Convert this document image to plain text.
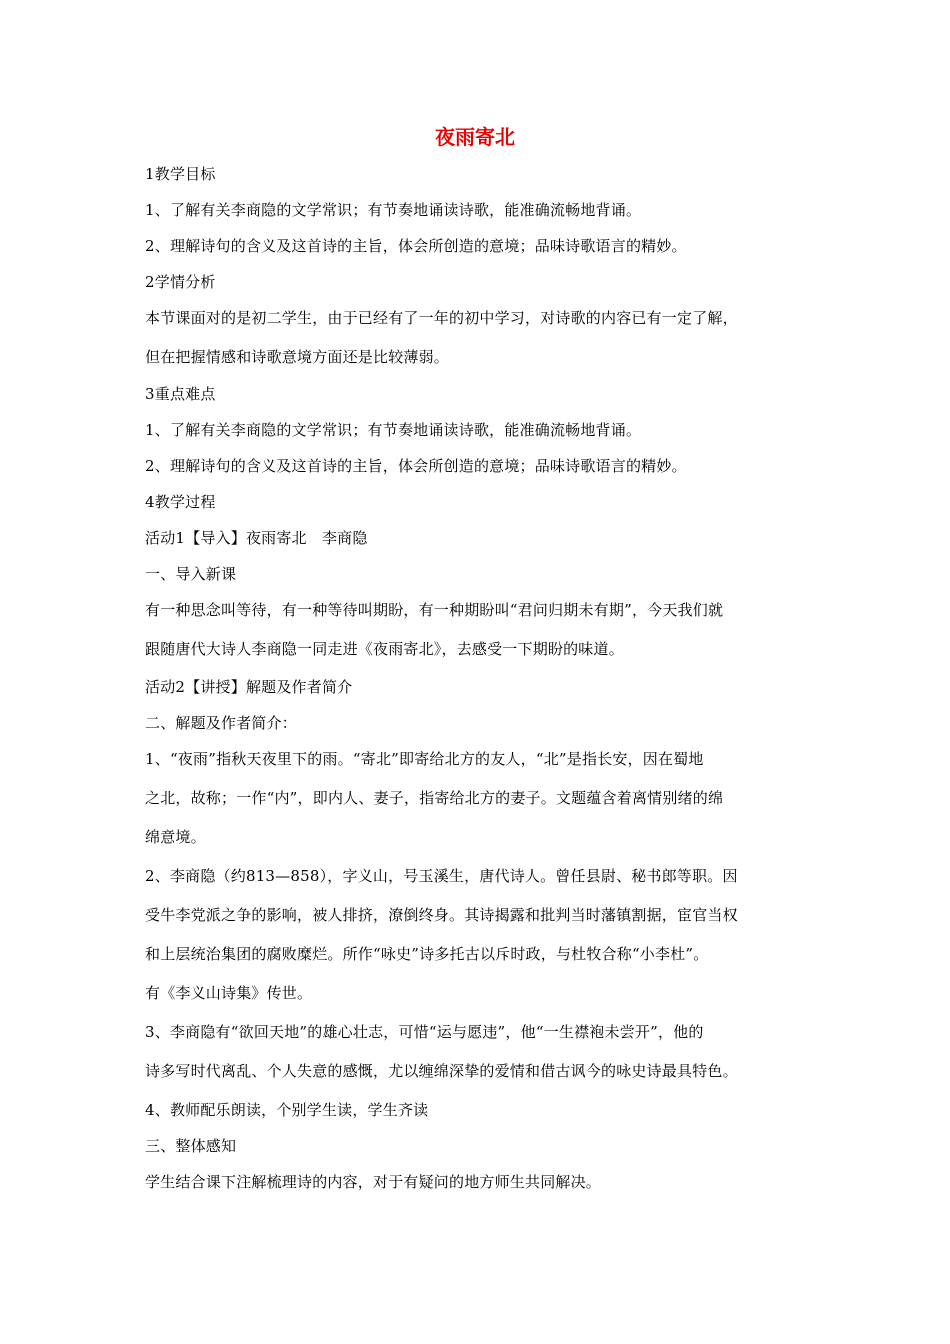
夜雨寄北
1教学目标
1、了解有关李商隐的文学常识；有节奏地诵读诗歌，能准确流畅地背诵。
2、理解诗句的含义及这首诗的主旨，体会所创造的意境；品味诗歌语言的精妙。
2学情分析
本节课面对的是初二学生，由于已经有了一年的初中学习，对诗歌的内容已有一定了解，
但在把握情感和诗歌意境方面还是比较薄弱。
3重点难点
1、了解有关李商隐的文学常识；有节奏地诵读诗歌，能准确流畅地背诵。
2、理解诗句的含义及这首诗的主旨，体会所创造的意境；品味诗歌语言的精妙。
4教学过程
活动1【导入】夜雨寄北　李商隐
一、导入新课
有一种思念叫等待，有一种等待叫期盼，有一种期盼叫“君问归期未有期”，今天我们就
跟随唐代大诗人李商隐一同走进《夜雨寄北》，去感受一下期盼的味道。
活动2【讲授】解题及作者简介
二、解题及作者简介：
1、“夜雨”指秋天夜里下的雨。“寄北”即寄给北方的友人，“北”是指长安，因在蜀地
之北，故称；一作“内”，即内人、妻子，指寄给北方的妻子。文题蕴含着离情别绪的绵
绵意境。
2、李商隐（约813—858），字义山，号玉溪生，唐代诗人。曾任县尉、秘书郎等职。因
受牛李党派之争的影响，被人排挤，潦倒终身。其诗揭露和批判当时藩镇割据，宦官当权
和上层统治集团的腐败糜烂。所作“咏史”诗多托古以斥时政，与杜牧合称“小李杜”。
有《李义山诗集》传世。
3、李商隐有“欲回天地”的雄心壮志，可惜“运与愿违”，他“一生襟袍未尝开”，他的
诗多写时代离乱、个人失意的感慨，尤以缠绵深挚的爱情和借古讽今的咏史诗最具特色。
4、教师配乐朗读，个别学生读，学生齐读
三、整体感知
学生结合课下注解梳理诗的内容，对于有疑问的地方师生共同解决。
